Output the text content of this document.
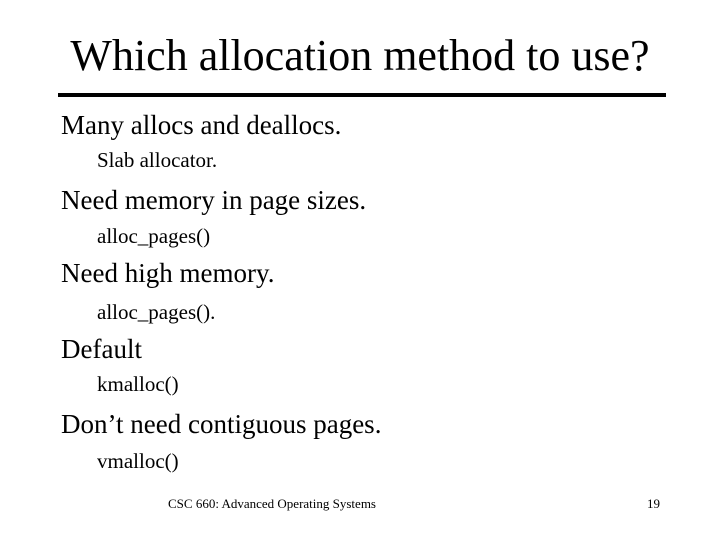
Which allocation method to use?
Many allocs and deallocs.
Slab allocator.
Need memory in page sizes.
alloc_pages()
Need high memory.
alloc_pages().
Default
kmalloc()
Don’t need contiguous pages.
vmalloc()
CSC 660: Advanced Operating Systems	19
